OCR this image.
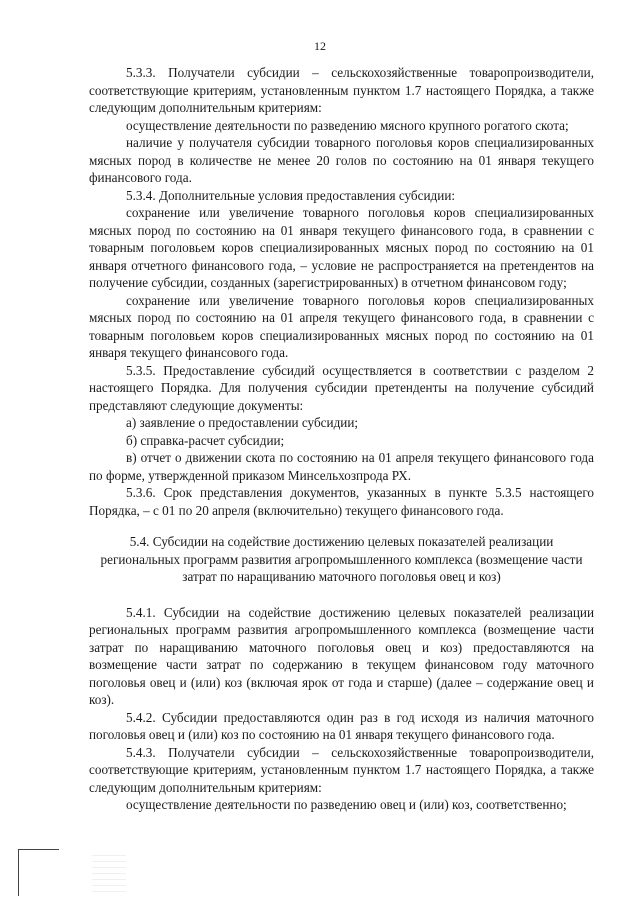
12

5.3.3. Получатели субсидии – сельскохозяйственные товаропроизводители, соответствующие критериям, установленным пунктом 1.7 настоящего Порядка, а также следующим дополнительным критериям:

осуществление деятельности по разведению мясного крупного рогатого скота;

наличие у получателя субсидии товарного поголовья коров специализированных мясных пород в количестве не менее 20 голов по состоянию на 01 января текущего финансового года.

5.3.4. Дополнительные условия предоставления субсидии:

сохранение или увеличение товарного поголовья коров специализированных мясных пород по состоянию на 01 января текущего финансового года, в сравнении с товарным поголовьем коров специализированных мясных пород по состоянию на 01 января отчетного финансового года, – условие не распространяется на претендентов на получение субсидии, созданных (зарегистрированных) в отчетном финансовом году;

сохранение или увеличение товарного поголовья коров специализированных мясных пород по состоянию на 01 апреля текущего финансового года, в сравнении с товарным поголовьем коров специализированных мясных пород по состоянию на 01 января текущего финансового года.

5.3.5. Предоставление субсидий осуществляется в соответствии с разделом 2 настоящего Порядка. Для получения субсидии претенденты на получение субсидий представляют следующие документы:

а) заявление о предоставлении субсидии;

б) справка-расчет субсидии;

в) отчет о движении скота по состоянию на 01 апреля текущего финансового года по форме, утвержденной приказом Минсельхозпрода РХ.

5.3.6. Срок представления документов, указанных в пункте 5.3.5 настоящего Порядка, – с 01 по 20 апреля (включительно) текущего финансового года.

5.4. Субсидии на содействие достижению целевых показателей реализации региональных программ развития агропромышленного комплекса (возмещение части затрат по наращиванию маточного поголовья овец и коз)

5.4.1. Субсидии на содействие достижению целевых показателей реализации региональных программ развития агропромышленного комплекса (возмещение части затрат по наращиванию маточного поголовья овец и коз) предоставляются на возмещение части затрат по содержанию в текущем финансовом году маточного поголовья овец и (или) коз (включая ярок от года и старше) (далее – содержание овец и коз).

5.4.2. Субсидии предоставляются один раз в год исходя из наличия маточного поголовья овец и (или) коз по состоянию на 01 января текущего финансового года.

5.4.3. Получатели субсидии – сельскохозяйственные товаропроизводители, соответствующие критериям, установленным пунктом 1.7 настоящего Порядка, а также следующим дополнительным критериям:

осуществление деятельности по разведению овец и (или) коз, соответственно;
